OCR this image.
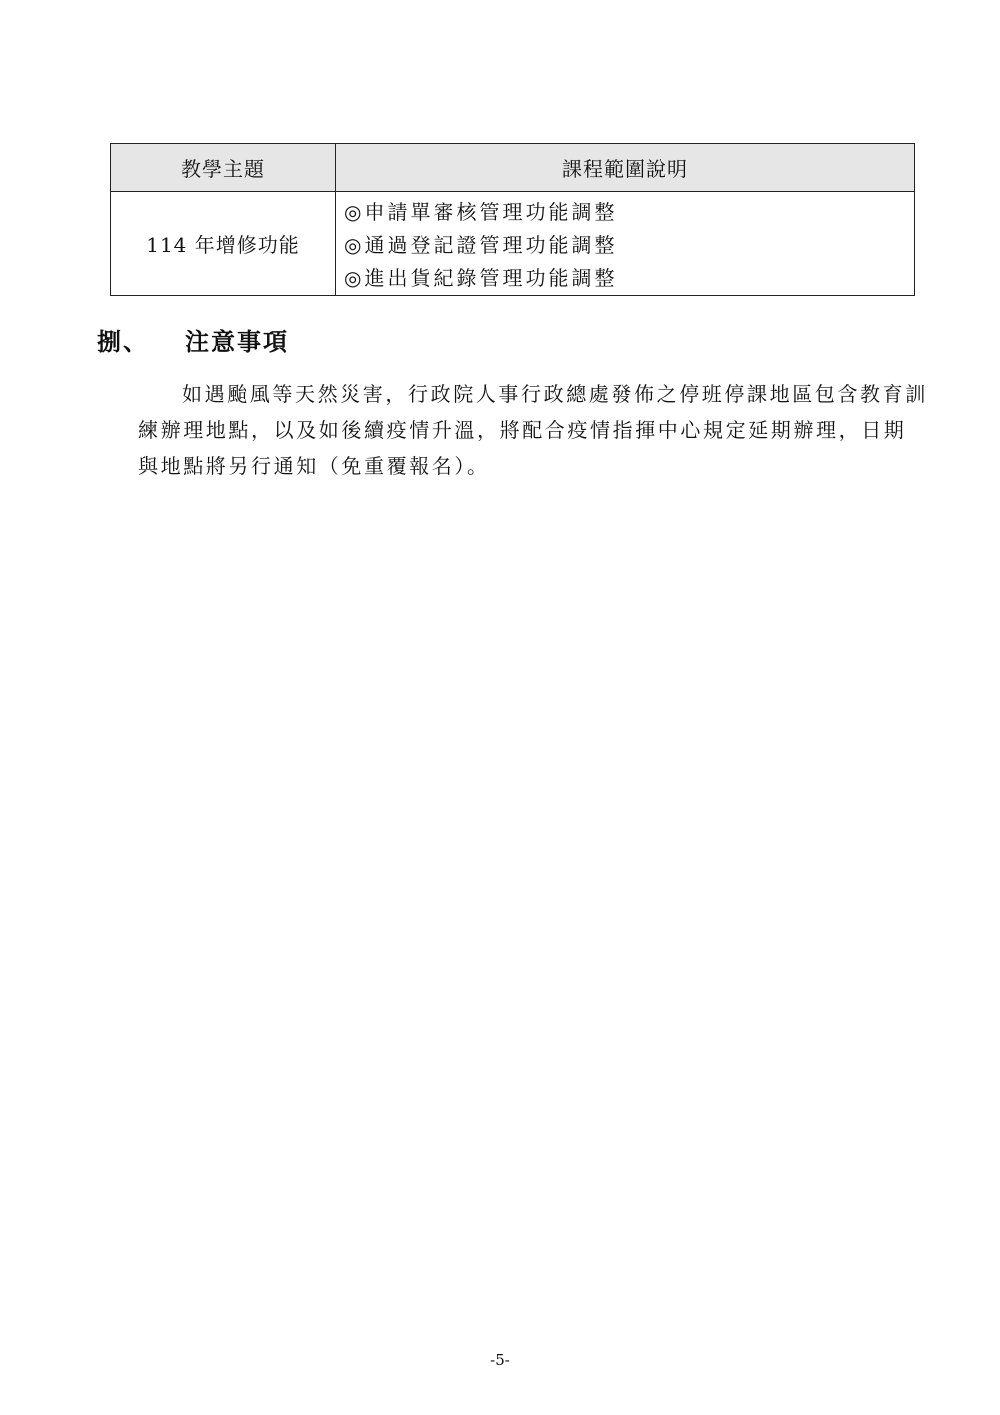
教學主題	課程範圍說明
114 年增修功能	◎申請單審核管理功能調整
◎通過登記證管理功能調整
◎進出貨紀錄管理功能調整
捌、 注意事項

如遇颱風等天然災害，行政院人事行政總處發佈之停班停課地區包含教育訓練辦理地點，以及如後續疫情升溫，將配合疫情指揮中心規定延期辦理，日期與地點將另行通知（免重覆報名）。

-5-
